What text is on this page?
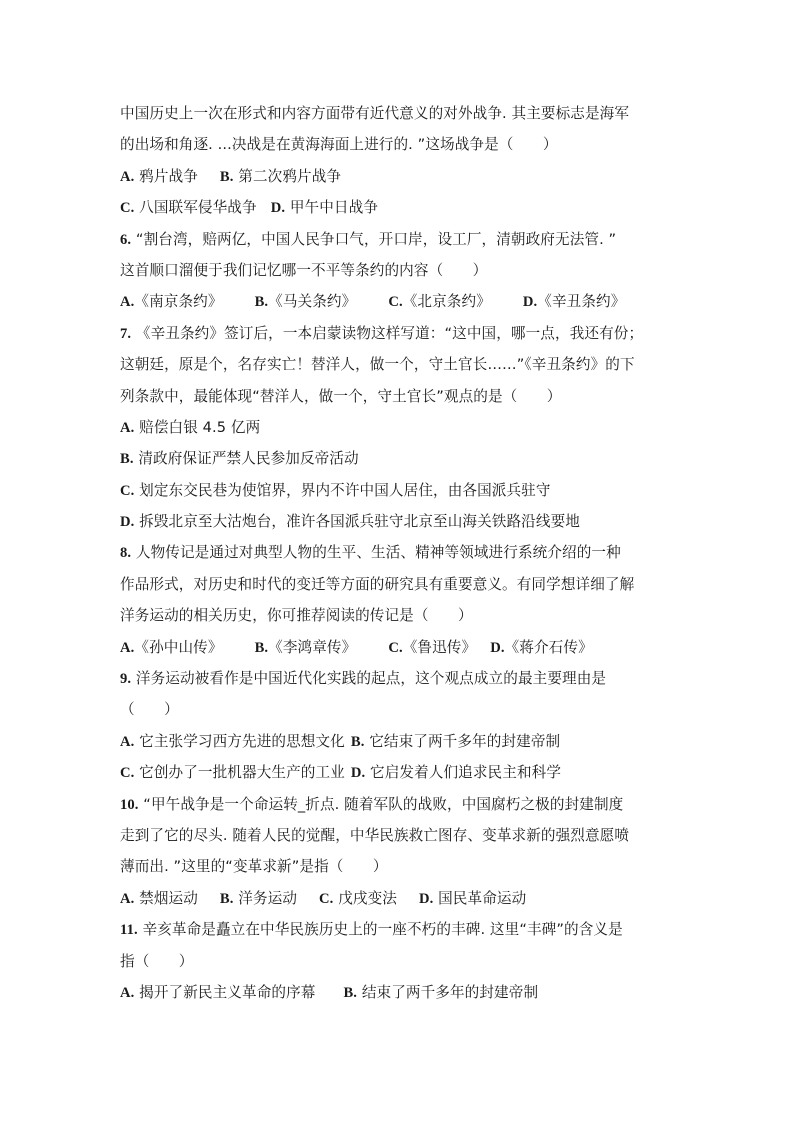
中国历史上一次在形式和内容方面带有近代意义的对外战争. 其主要标志是海军
的出场和角逐. ...决战是在黄海海面上进行的. ”这场战争是（　　）
A. 鸦片战争 B. 第二次鸦片战争
C. 八国联军侵华战争 D. 甲午中日战争
6. “割台湾，赔两亿，中国人民争口气，开口岸，设工厂，清朝政府无法管. ”
这首顺口溜便于我们记忆哪一不平等条约的内容（　　）
A.《南京条约》 B.《马关条约》 C.《北京条约》 D.《辛丑条约》
7. 《辛丑条约》签订后，一本启蒙读物这样写道：“这中国，哪一点，我还有份；
这朝廷，原是个，名存实亡！替洋人，做一个，守土官长……”《辛丑条约》的下
列条款中，最能体现“替洋人，做一个，守土官长”观点的是（　　）
A. 赔偿白银 4.5 亿两
B. 清政府保证严禁人民参加反帝活动
C. 划定东交民巷为使馆界，界内不许中国人居住，由各国派兵驻守
D. 拆毁北京至大沽炮台，准许各国派兵驻守北京至山海关铁路沿线要地
8. 人物传记是通过对典型人物的生平、生活、精神等领域进行系统介绍的一种
作品形式，对历史和时代的变迁等方面的研究具有重要意义。有同学想详细了解
洋务运动的相关历史，你可推荐阅读的传记是（　　）
A.《孙中山传》 B.《李鸿章传》 C.《鲁迅传》 D.《蒋介石传》
9. 洋务运动被看作是中国近代化实践的起点，这个观点成立的最主要理由是
（　　）
A. 它主张学习西方先进的思想文化 B. 它结束了两千多年的封建帝制
C. 它创办了一批机器大生产的工业 D. 它启发着人们追求民主和科学
10. “甲午战争是一个命运转_折点. 随着军队的战败，中国腐朽之极的封建制度
走到了它的尽头. 随着人民的觉醒，中华民族救亡图存、变革求新的强烈意愿喷
薄而出. ”这里的“变革求新”是指（　　）
A. 禁烟运动 B. 洋务运动 C. 戊戌变法 D. 国民革命运动
11. 辛亥革命是矗立在中华民族历史上的一座不朽的丰碑. 这里“丰碑”的含义是
指（　　）
A. 揭开了新民主义革命的序幕 B. 结束了两千多年的封建帝制
